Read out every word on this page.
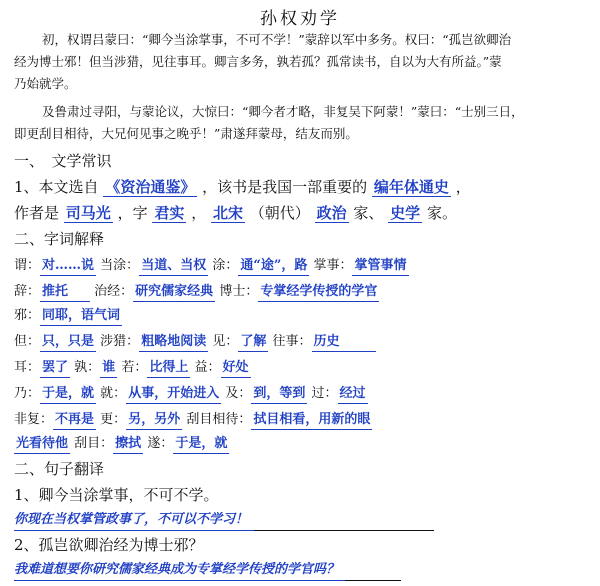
孙权劝学
初，权谓吕蒙曰：“卿今当涂掌事，不可不学！”蒙辞以军中多务。权曰：“孤岂欲卿治
经为博士邪！但当涉猎，见往事耳。卿言多务，孰若孤？孤常读书，自以为大有所益。”蒙
乃始就学。
及鲁肃过寻阳，与蒙论议，大惊曰：“卿今者才略，非复吴下阿蒙！”蒙曰：“士别三日，
即更刮目相待，大兄何见事之晚乎！”肃遂拜蒙母，结友而别。
一、　文学常识
1、本文选自 《资治通鉴》 ，该书是我国一部重要的 编年体通史 ，
作者是 司马光 ，字 君实 ， 北宋 （朝代） 政治 家、 史学 家。
二、字词解释
谓： 对……说 当涂： 当道、当权 涂： 通“途”，路 掌事： 掌管事情
辞： 推托 治经： 研究儒家经典 博士： 专掌经学传授的学官
邪： 同耶，语气词
但： 只，只是 涉猎： 粗略地阅读 见： 了解 往事： 历史
耳： 罢了 孰： 谁 若： 比得上 益： 好处
乃： 于是，就 就： 从事，开始进入 及： 到，等到 过： 经过
非复： 不再是 更： 另，另外 刮目相待： 拭目相看，用新的眼
光看待他 刮目： 擦拭 遂： 于是，就
二、句子翻译
1、卿今当涂掌事，不可不学。
你现在当权掌管政事了，不可以不学习！
2、孤岂欲卿治经为博士邪？
我难道想要你研究儒家经典成为专掌经学传授的学官吗？
